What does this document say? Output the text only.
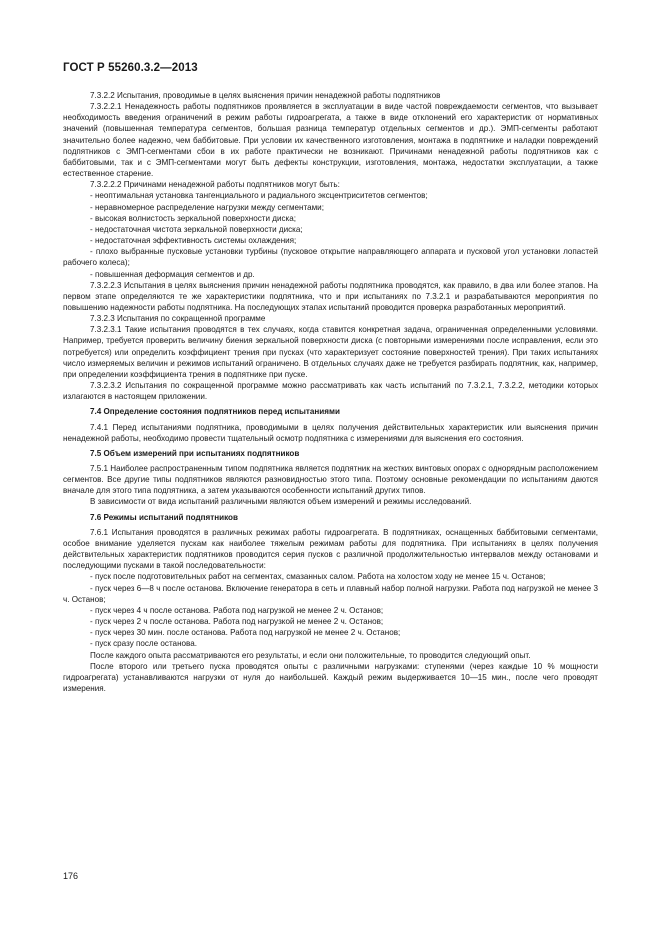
ГОСТ Р 55260.3.2—2013

7.3.2.2 Испытания, проводимые в целях выяснения причин ненадежной работы подпятников

7.3.2.2.1 Ненадежность работы подпятников проявляется в эксплуатации в виде частой повреждаемости сегментов, что вызывает необходимость введения ограничений в режим работы гидроагрегата, а также в виде отклонений его характеристик от нормативных значений (повышенная температура сегментов, большая разница температур отдельных сегментов и др.). ЭМП-сегменты работают значительно более надежно, чем баббитовые. При условии их качественного изготовления, монтажа в подпятнике и наладки повреждений подпятников с ЭМП-сегментами сбои в их работе практически не возникают. Причинами ненадежной работы подпятников как с баббитовыми, так и с ЭМП-сегментами могут быть дефекты конструкции, изготовления, монтажа, недостатки эксплуатации, а также естественное старение.

7.3.2.2.2 Причинами ненадежной работы подпятников могут быть:

- неоптимальная установка тангенциального и радиального эксцентриситетов сегментов;

- неравномерное распределение нагрузки между сегментами;

- высокая волнистость зеркальной поверхности диска;

- недостаточная чистота зеркальной поверхности диска;

- недостаточная эффективность системы охлаждения;

- плохо выбранные пусковые установки турбины (пусковое открытие направляющего аппарата и пусковой угол установки лопастей рабочего колеса);

- повышенная деформация сегментов и др.

7.3.2.2.3 Испытания в целях выяснения причин ненадежной работы подпятника проводятся, как правило, в два или более этапов. На первом этапе определяются те же характеристики подпятника, что и при испытаниях по 7.3.2.1 и разрабатываются мероприятия по повышению надежности работы подпятника. На последующих этапах испытаний проводится проверка разработанных мероприятий.

7.3.2.3 Испытания по сокращенной программе

7.3.2.3.1 Такие испытания проводятся в тех случаях, когда ставится конкретная задача, ограниченная определенными условиями. Например, требуется проверить величину биения зеркальной поверхности диска (с повторными измерениями после исправления, если это потребуется) или определить коэффициент трения при пусках (что характеризует состояние поверхностей трения). При таких испытаниях число измеряемых величин и режимов испытаний ограничено. В отдельных случаях даже не требуется разбирать подпятник, как, например, при определении коэффициента трения в подпятнике при пуске.

7.3.2.3.2 Испытания по сокращенной программе можно рассматривать как часть испытаний по 7.3.2.1, 7.3.2.2, методики которых излагаются в настоящем приложении.

7.4 Определение состояния подпятников перед испытаниями

7.4.1 Перед испытаниями подпятника, проводимыми в целях получения действительных характеристик или выяснения причин ненадежной работы, необходимо провести тщательный осмотр подпятника с измерениями для выяснения его состояния.

7.5 Объем измерений при испытаниях подпятников

7.5.1 Наиболее распространенным типом подпятника является подпятник на жестких винтовых опорах с однорядным расположением сегментов. Все другие типы подпятников являются разновидностью этого типа. Поэтому основные рекомендации по испытаниям даются вначале для этого типа подпятника, а затем указываются особенности испытаний других типов.

В зависимости от вида испытаний различными являются объем измерений и режимы исследований.

7.6 Режимы испытаний подпятников

7.6.1 Испытания проводятся в различных режимах работы гидроагрегата. В подпятниках, оснащенных баббитовыми сегментами, особое внимание уделяется пускам как наиболее тяжелым режимам работы для подпятника. При испытаниях в целях получения действительных характеристик подпятников проводится серия пусков с различной продолжительностью интервалов между остановами и последующими пусками в такой последовательности:

- пуск после подготовительных работ на сегментах, смазанных салом. Работа на холостом ходу не менее 15 ч. Останов;

- пуск через 6—8 ч после останова. Включение генератора в сеть и плавный набор полной нагрузки. Работа под нагрузкой не менее 3 ч. Останов;

- пуск через 4 ч после останова. Работа под нагрузкой не менее 2 ч. Останов;

- пуск через 2 ч после останова. Работа под нагрузкой не менее 2 ч. Останов;

- пуск через 30 мин. после останова. Работа под нагрузкой не менее 2 ч. Останов;

- пуск сразу после останова.

После каждого опыта рассматриваются его результаты, и если они положительные, то проводится следующий опыт.

После второго или третьего пуска проводятся опыты с различными нагрузками: ступенями (через каждые 10 % мощности гидроагрегата) устанавливаются нагрузки от нуля до наибольшей. Каждый режим выдерживается 10—15 мин., после чего проводят измерения.

176
